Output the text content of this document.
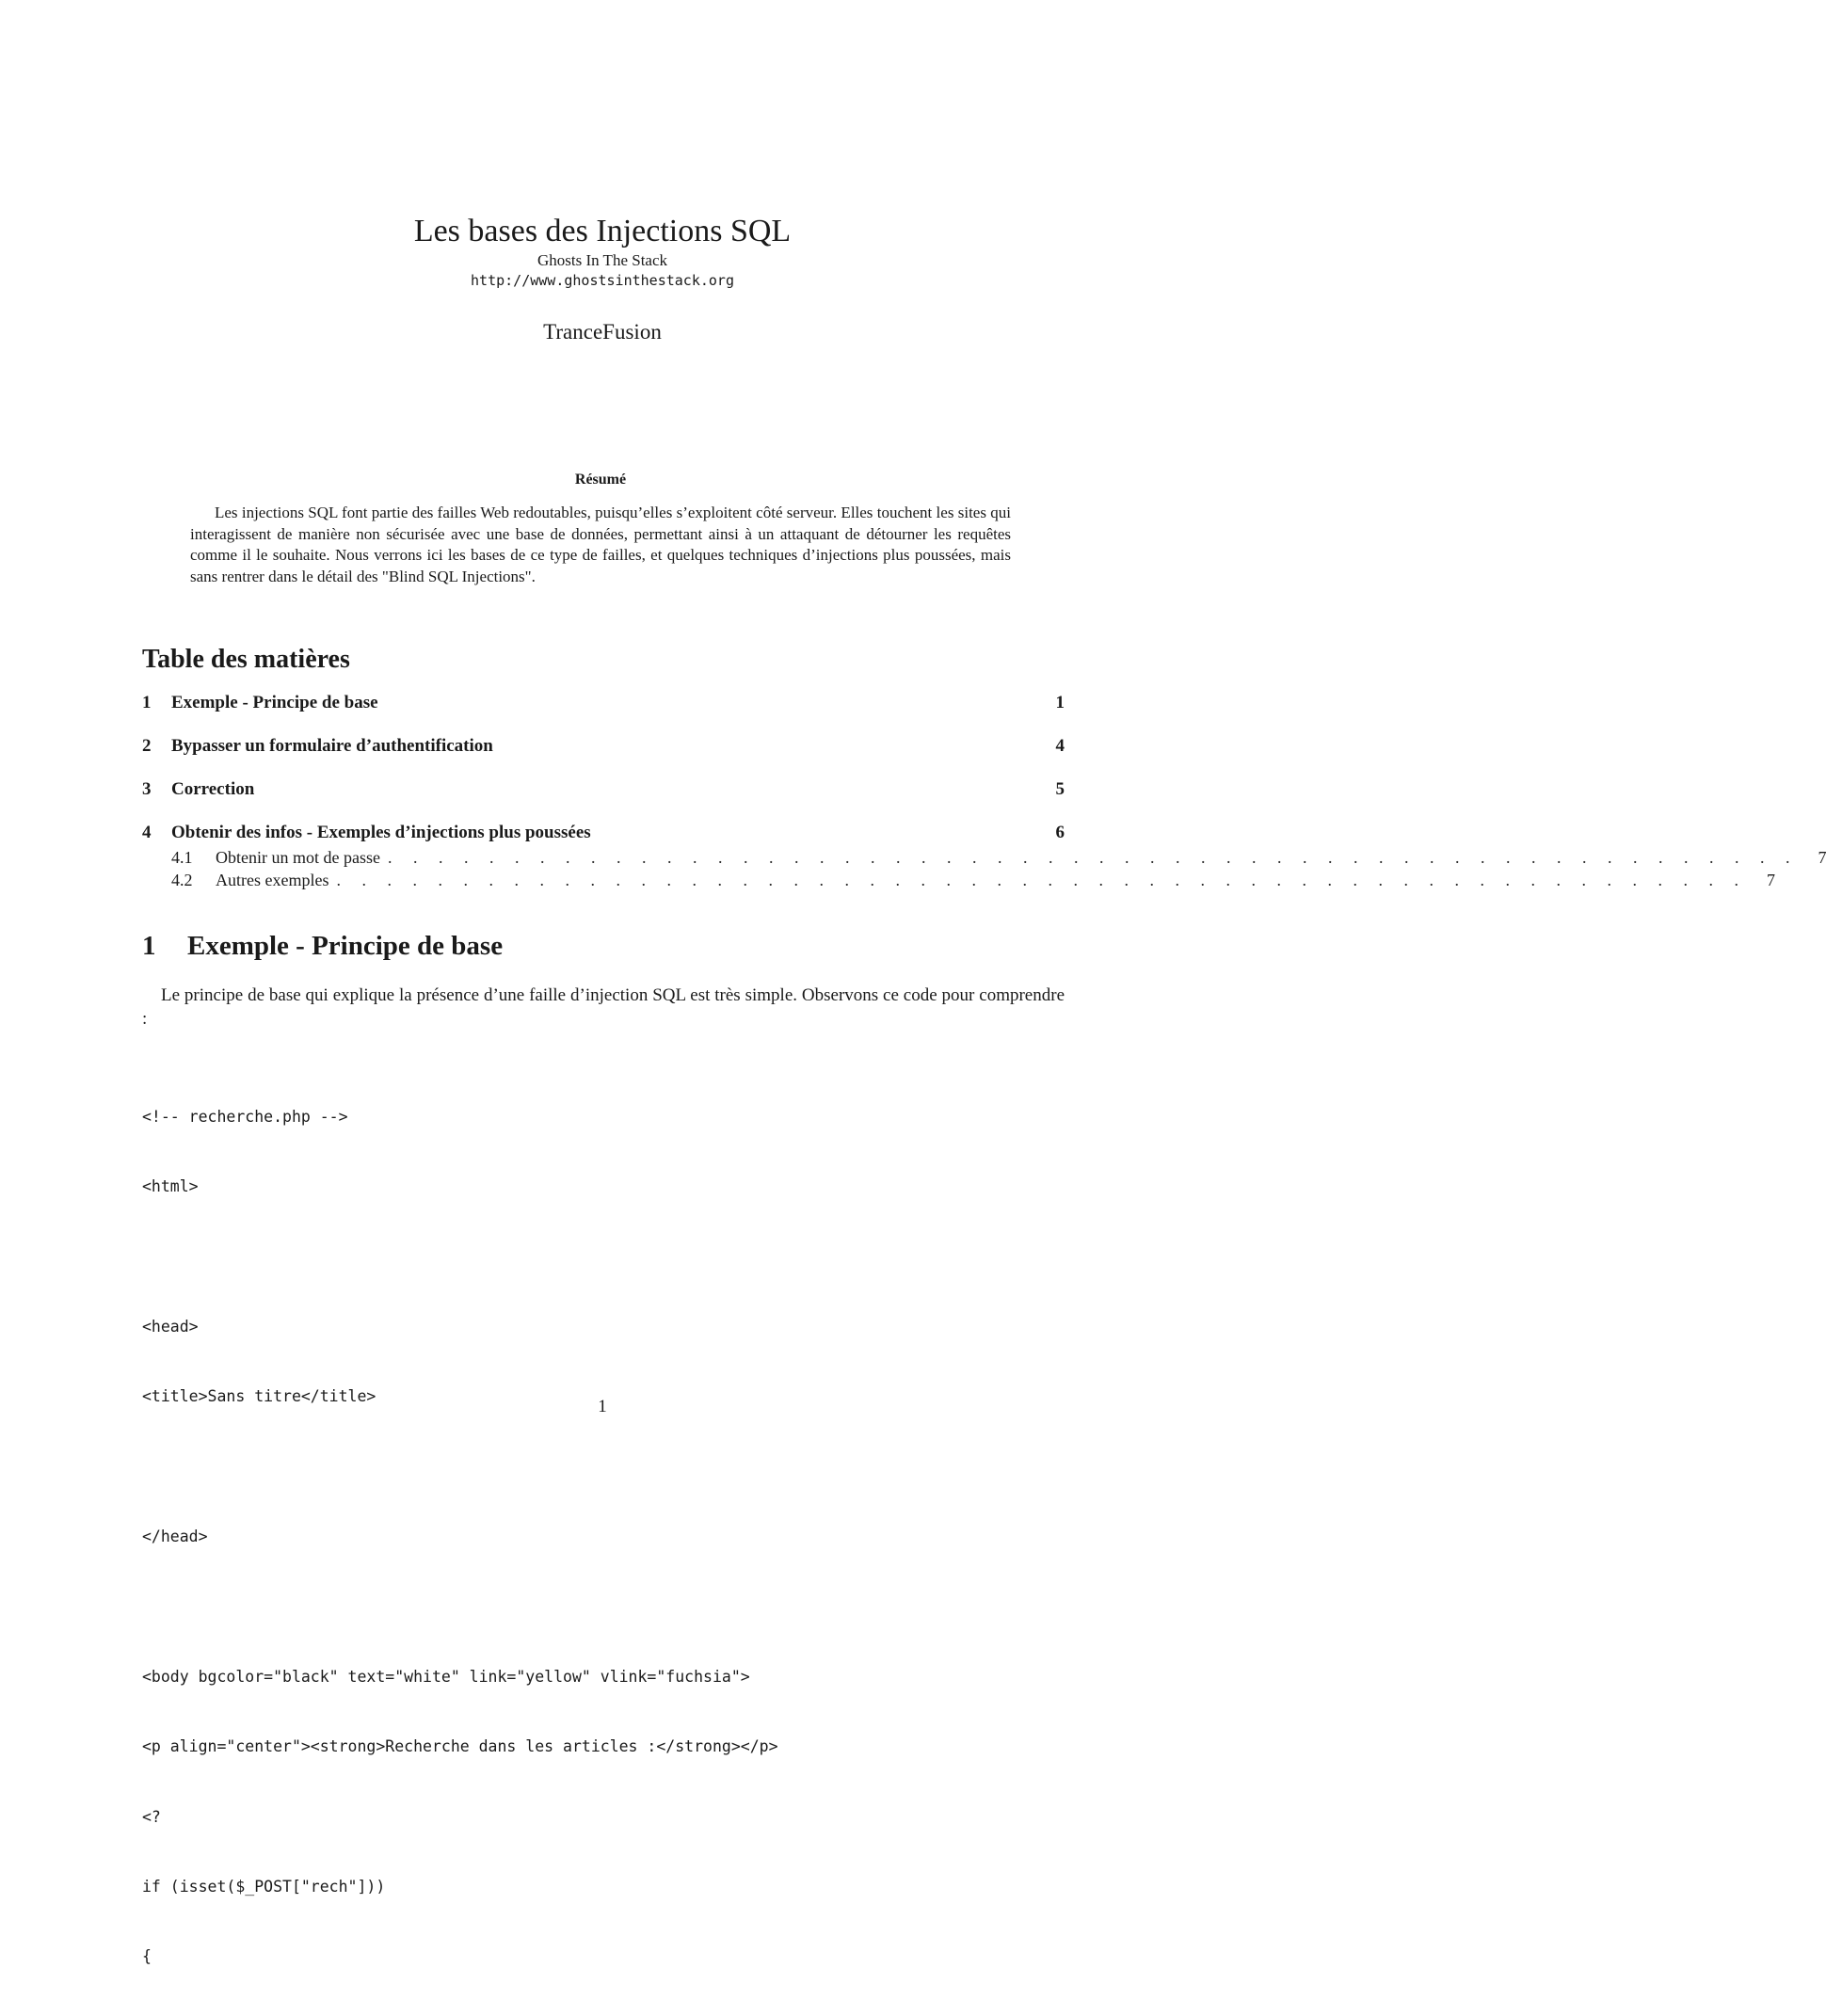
Les bases des Injections SQL
Ghosts In The Stack
http://www.ghostsinthestack.org
TranceFusion
Résumé

Les injections SQL font partie des failles Web redoutables, puisqu’elles s’exploitent côté serveur. Elles touchent les sites qui interagissent de manière non sécurisée avec une base de données, permettant ainsi à un attaquant de détourner les requêtes comme il le souhaite. Nous verrons ici les bases de ce type de failles, et quelques techniques d’injections plus poussées, mais sans rentrer dans le détail des "Blind SQL Injections".

Table des matières
1	Exemple - Principe de base	1
2	Bypasser un formulaire d’authentification	4
3	Correction	5
4	Obtenir des infos - Exemples d’injections plus poussées	6
4.1	Obtenir un mot de passe . . . . . . . . . . . . . . . . . . . . . . . . . . . . . . . . . . . . . . . . . . . . . . . . . . . . . . . .	7
4.2	Autres exemples . . . . . . . . . . . . . . . . . . . . . . . . . . . . . . . . . . . . . . . . . . . . . . . . . . . . . . . .	7
1	Exemple - Principe de base

Le principe de base qui explique la présence d’une faille d’injection SQL est très simple. Observons ce code pour comprendre :

<!-- recherche.php -->

<html>

<head>

<title>Sans titre</title>

</head>

<body bgcolor="black" text="white" link="yellow" vlink="fuchsia">

<p align="center"><strong>Recherche dans les articles :</strong></p>

<?

if (isset($_POST["rech"]))

{

1
